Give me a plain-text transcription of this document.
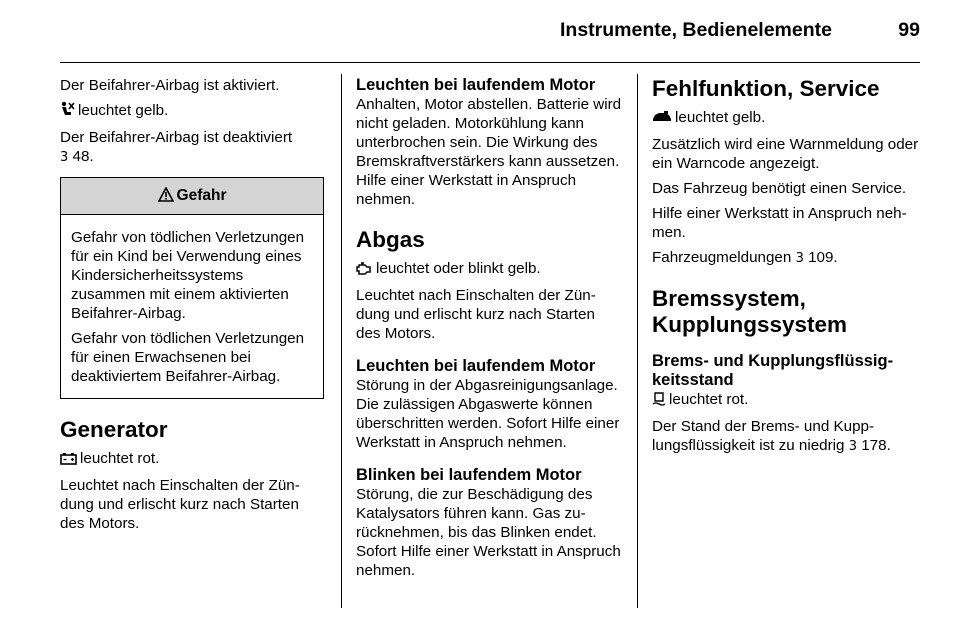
Instrumente, Bedienelemente	99

Der Beifahrer-Airbag ist aktiviert.

leuchtet gelb.

Der Beifahrer-Airbag ist deaktiviert
3 48.

Gefahr

Gefahr von tödlichen Verletzungen für ein Kind bei Verwendung eines Kindersicherheitssystems zusammen mit einem aktivierten Beifahrer-Airbag.

Gefahr von tödlichen Verletzungen für einen Erwachsenen bei deaktiviertem Beifahrer-Airbag.

Generator

leuchtet rot.

Leuchtet nach Einschalten der Zündung und erlischt kurz nach Starten des Motors.

Leuchten bei laufendem Motor

Anhalten, Motor abstellen. Batterie wird nicht geladen. Motorkühlung kann unterbrochen sein. Die Wirkung des Bremskraftverstärkers kann aussetzen. Hilfe einer Werkstatt in Anspruch nehmen.

Abgas

leuchtet oder blinkt gelb.

Leuchtet nach Einschalten der Zündung und erlischt kurz nach Starten des Motors.

Leuchten bei laufendem Motor

Störung in der Abgasreinigungsanlage. Die zulässigen Abgaswerte können überschritten werden. Sofort Hilfe einer Werkstatt in Anspruch nehmen.

Blinken bei laufendem Motor

Störung, die zur Beschädigung des Katalysators führen kann. Gas zurücknehmen, bis das Blinken endet. Sofort Hilfe einer Werkstatt in Anspruch nehmen.

Fehlfunktion, Service

leuchtet gelb.

Zusätzlich wird eine Warnmeldung oder ein Warncode angezeigt.

Das Fahrzeug benötigt einen Service.

Hilfe einer Werkstatt in Anspruch nehmen.

Fahrzeugmeldungen 3 109.

Bremssystem, Kupplungssystem
Brems- und Kupplungsflüssigkeitsstand

leuchtet rot.

Der Stand der Brems- und Kupplungsflüssigkeit ist zu niedrig 3 178.
